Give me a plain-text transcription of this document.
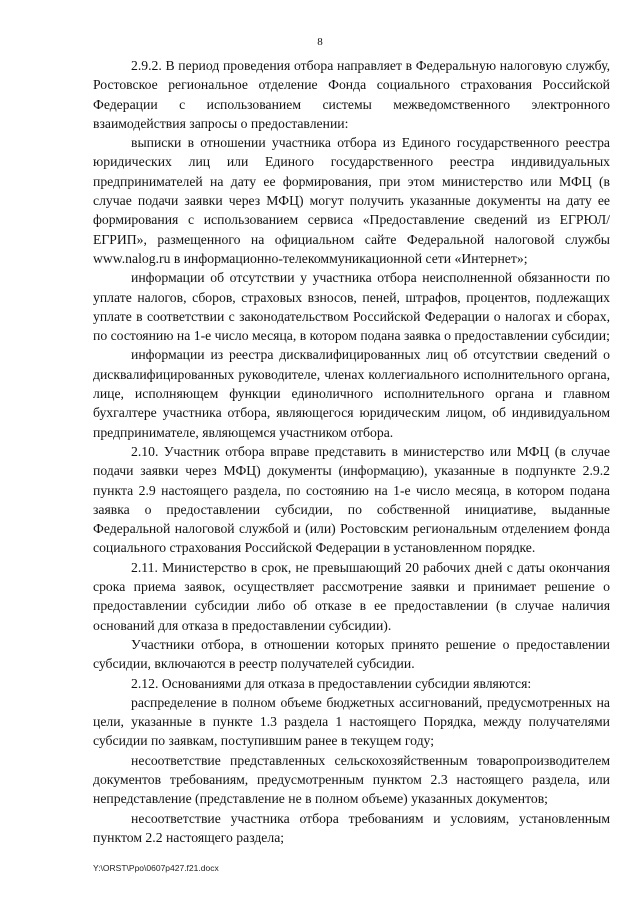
8

2.9.2. В период проведения отбора направляет в Федеральную налоговую службу, Ростовское региональное отделение Фонда социального страхования Российской Федерации с использованием системы межведомственного электронного взаимодействия запросы о предоставлении:

выписки в отношении участника отбора из Единого государственного реестра юридических лиц или Единого государственного реестра индивидуальных предпринимателей на дату ее формирования, при этом министерство или МФЦ (в случае подачи заявки через МФЦ) могут получить указанные документы на дату ее формирования с использованием сервиса «Предоставление сведений из ЕГРЮЛ/ЕГРИП», размещенного на официальном сайте Федеральной налоговой службы www.nalog.ru в информационно-телекоммуникационной сети «Интернет»;

информации об отсутствии у участника отбора неисполненной обязанности по уплате налогов, сборов, страховых взносов, пеней, штрафов, процентов, подлежащих уплате в соответствии с законодательством Российской Федерации о налогах и сборах, по состоянию на 1-е число месяца, в котором подана заявка о предоставлении субсидии;

информации из реестра дисквалифицированных лиц об отсутствии сведений о дисквалифицированных руководителе, членах коллегиального исполнительного органа, лице, исполняющем функции единоличного исполнительного органа и главном бухгалтере участника отбора, являющегося юридическим лицом, об индивидуальном предпринимателе, являющемся участником отбора.

2.10. Участник отбора вправе представить в министерство или МФЦ (в случае подачи заявки через МФЦ) документы (информацию), указанные в подпункте 2.9.2 пункта 2.9 настоящего раздела, по состоянию на 1-е число месяца, в котором подана заявка о предоставлении субсидии, по собственной инициативе, выданные Федеральной налоговой службой и (или) Ростовским региональным отделением фонда социального страхования Российской Федерации в установленном порядке.

2.11. Министерство в срок, не превышающий 20 рабочих дней с даты окончания срока приема заявок, осуществляет рассмотрение заявки и принимает решение о предоставлении субсидии либо об отказе в ее предоставлении (в случае наличия оснований для отказа в предоставлении субсидии).

Участники отбора, в отношении которых принято решение о предоставлении субсидии, включаются в реестр получателей субсидии.

2.12. Основаниями для отказа в предоставлении субсидии являются:

распределение в полном объеме бюджетных ассигнований, предусмотренных на цели, указанные в пункте 1.3 раздела 1 настоящего Порядка, между получателями субсидии по заявкам, поступившим ранее в текущем году;

несоответствие представленных сельскохозяйственным товаропроизводителем документов требованиям, предусмотренным пунктом 2.3 настоящего раздела, или непредставление (представление не в полном объеме) указанных документов;

несоответствие участника отбора требованиям и условиям, установленным пунктом 2.2 настоящего раздела;

Y:\ORST\Ppo\0607p427.f21.docx
